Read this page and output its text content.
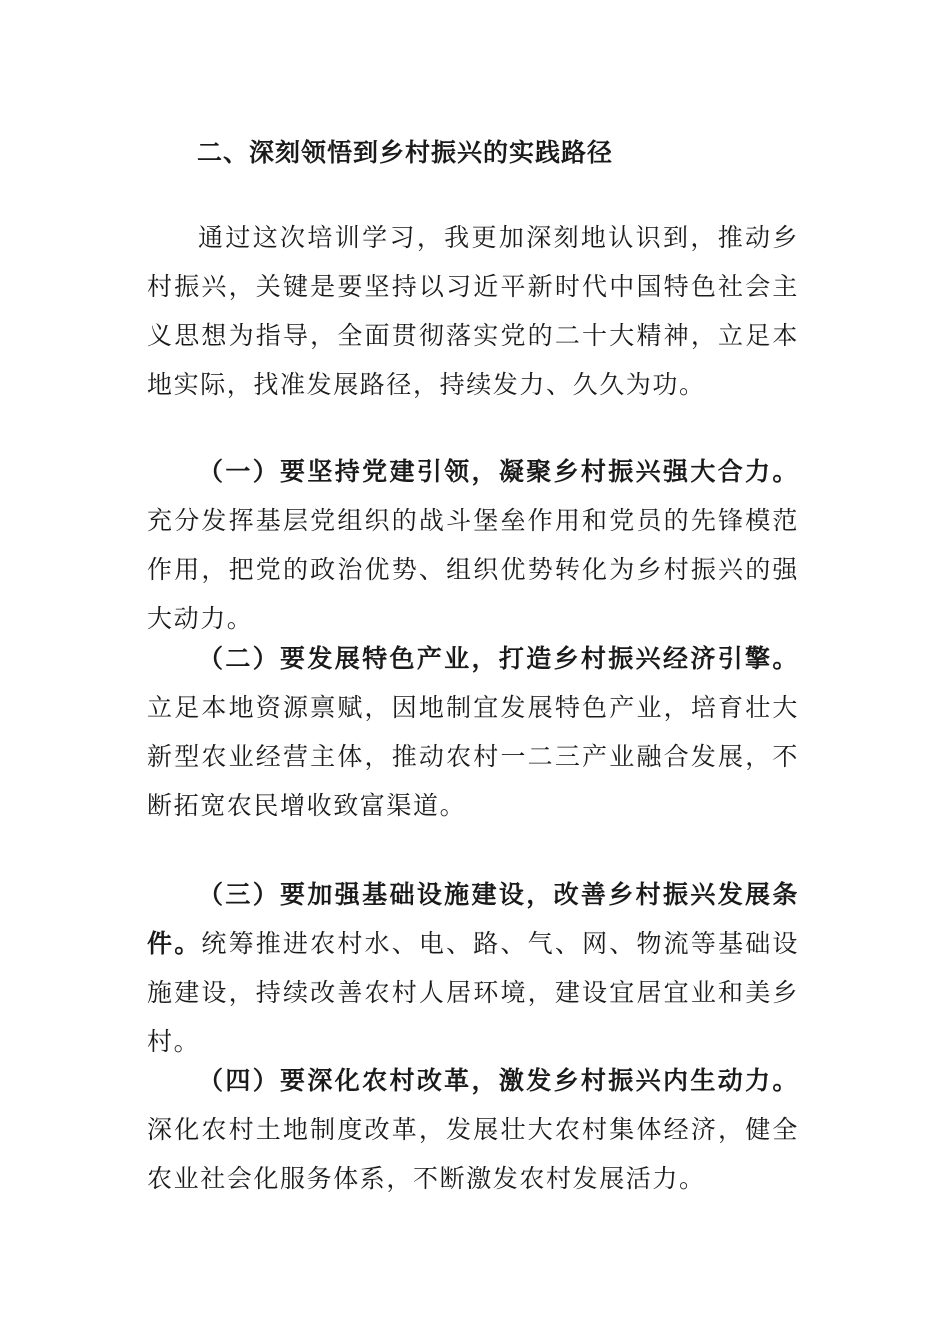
二、深刻领悟到乡村振兴的实践路径

通过这次培训学习，我更加深刻地认识到，推动乡村振兴，关键是要坚持以习近平新时代中国特色社会主义思想为指导，全面贯彻落实党的二十大精神，立足本地实际，找准发展路径，持续发力、久久为功。

（一）要坚持党建引领，凝聚乡村振兴强大合力。充分发挥基层党组织的战斗堡垒作用和党员的先锋模范作用，把党的政治优势、组织优势转化为乡村振兴的强大动力。

（二）要发展特色产业，打造乡村振兴经济引擎。立足本地资源禀赋，因地制宜发展特色产业，培育壮大新型农业经营主体，推动农村一二三产业融合发展，不断拓宽农民增收致富渠道。

（三）要加强基础设施建设，改善乡村振兴发展条件。统筹推进农村水、电、路、气、网、物流等基础设施建设，持续改善农村人居环境，建设宜居宜业和美乡村。

（四）要深化农村改革，激发乡村振兴内生动力。深化农村土地制度改革，发展壮大农村集体经济，健全农业社会化服务体系，不断激发农村发展活力。
